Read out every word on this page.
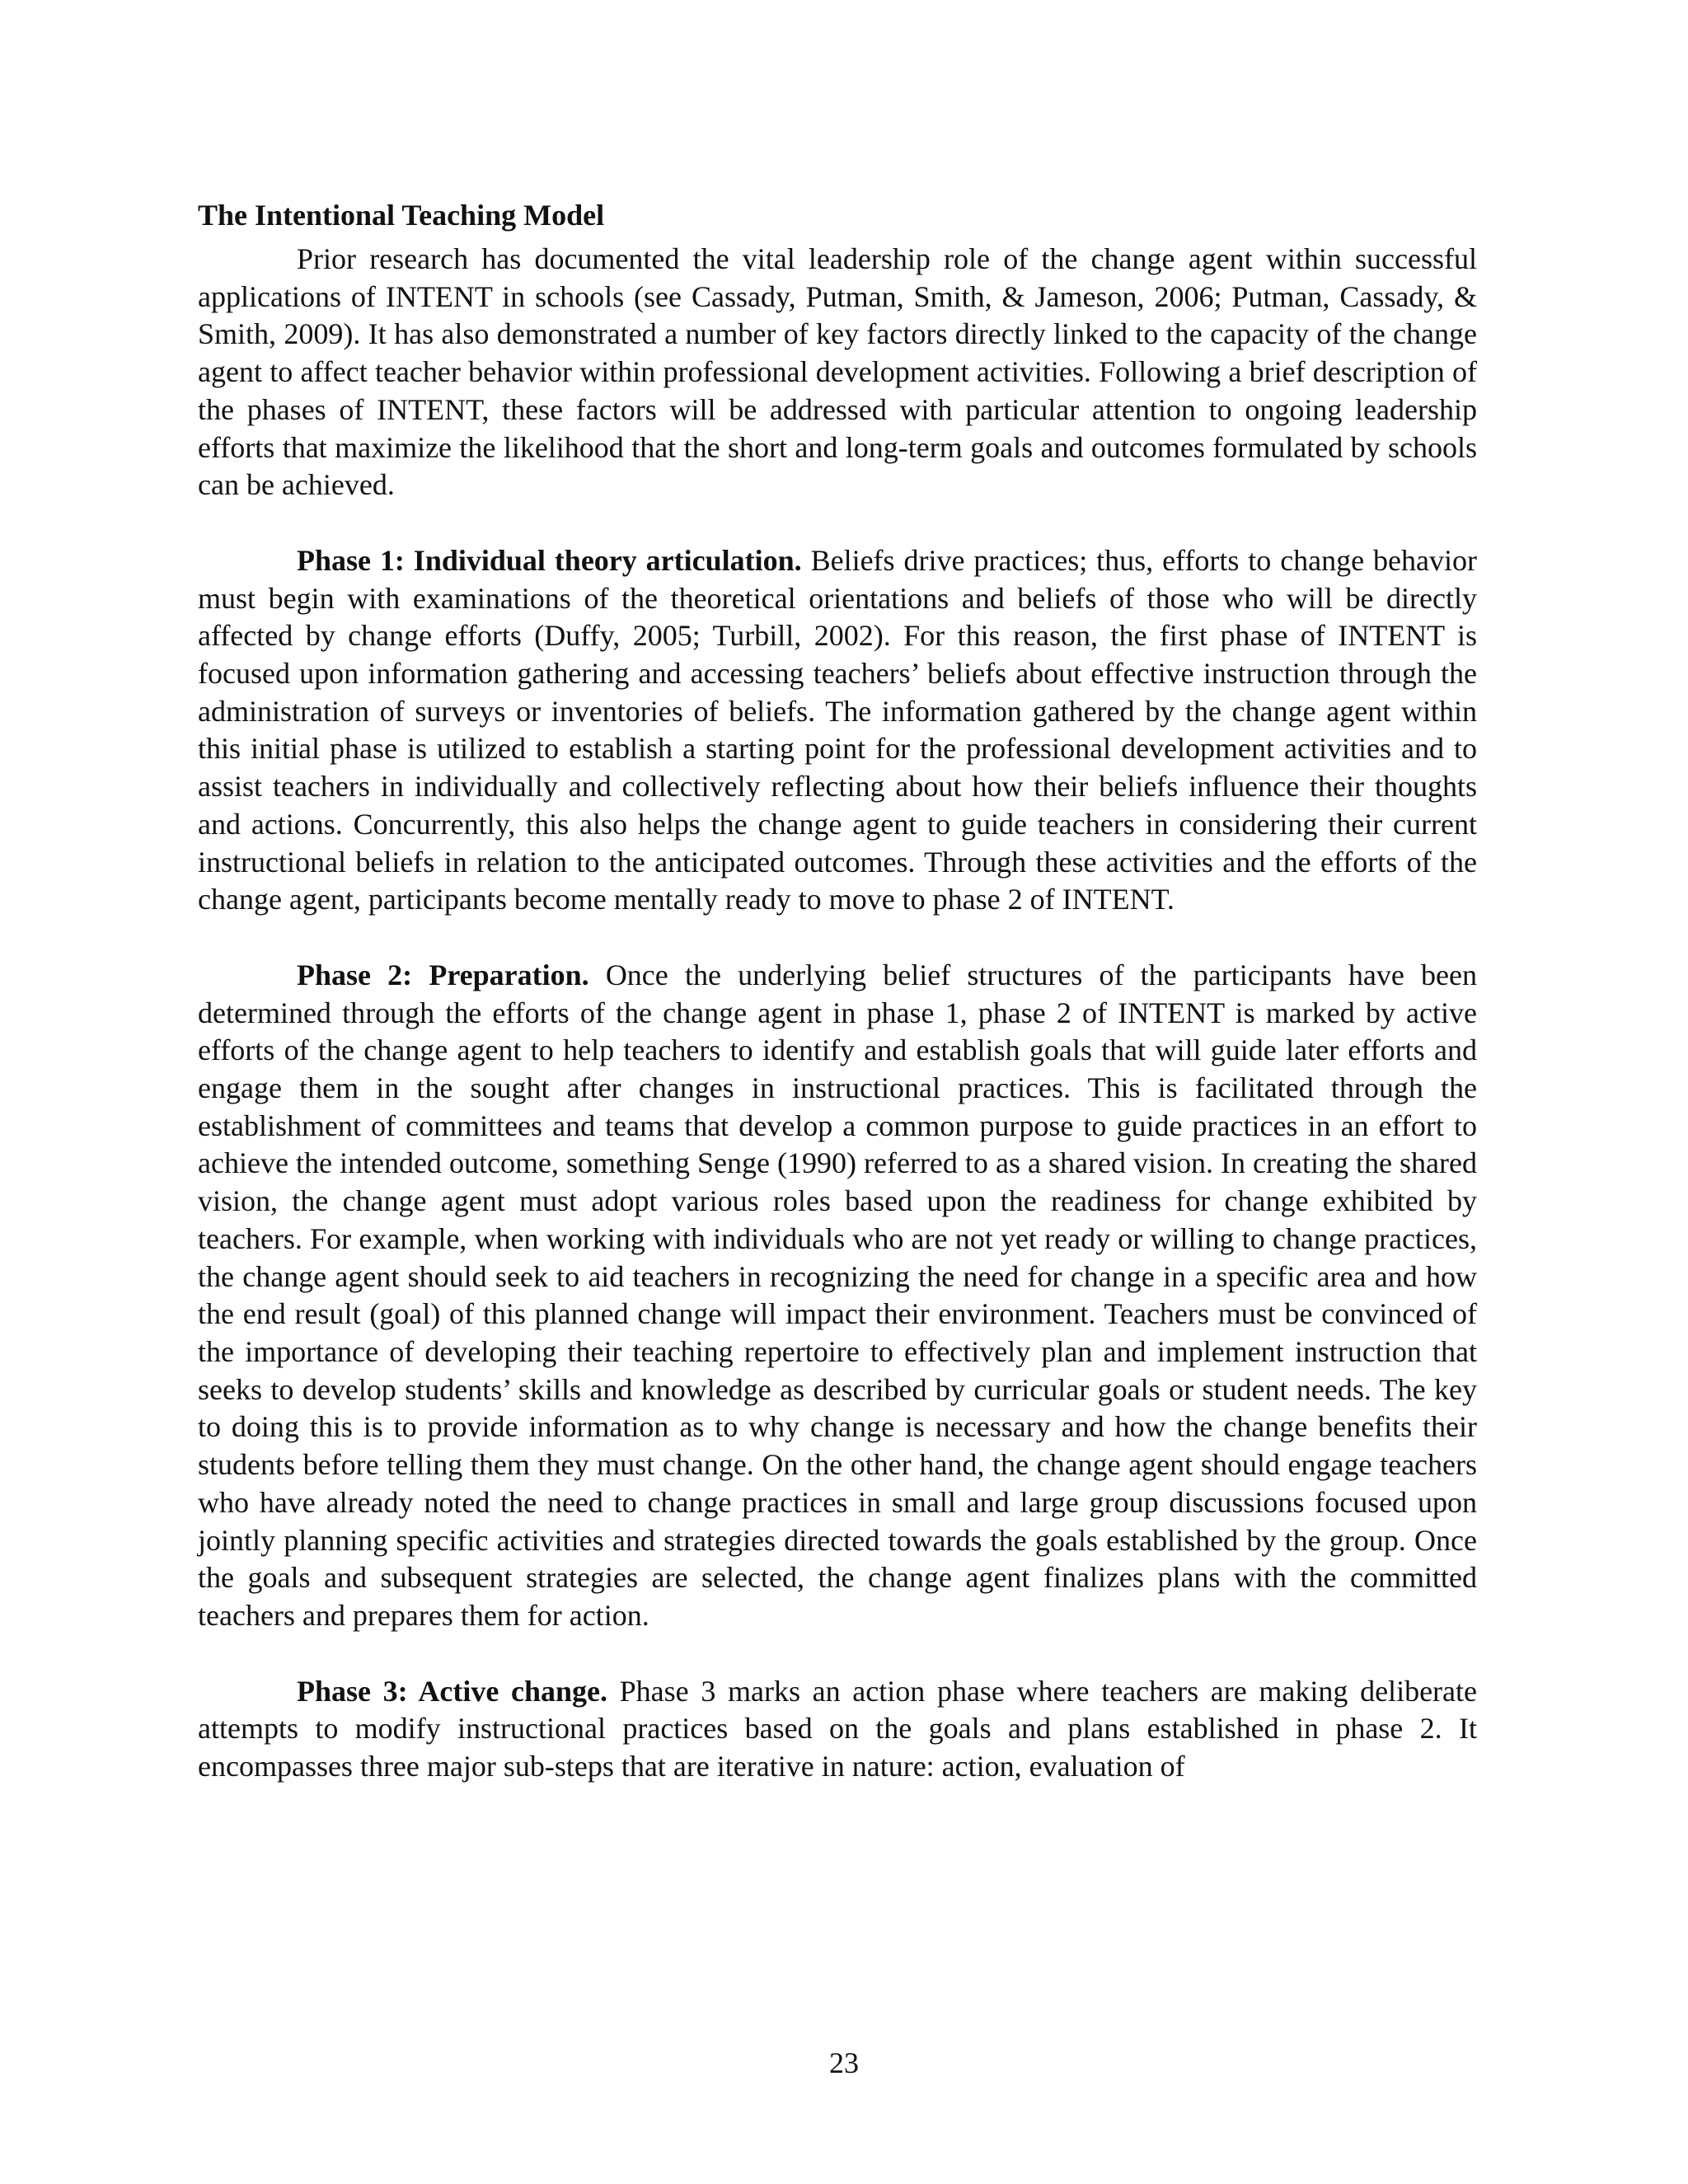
The Intentional Teaching Model

Prior research has documented the vital leadership role of the change agent within successful applications of INTENT in schools (see Cassady, Putman, Smith, & Jameson, 2006; Putman, Cassady, & Smith, 2009). It has also demonstrated a number of key factors directly linked to the capacity of the change agent to affect teacher behavior within professional development activities. Following a brief description of the phases of INTENT, these factors will be addressed with particular attention to ongoing leadership efforts that maximize the likelihood that the short and long-term goals and outcomes formulated by schools can be achieved.

Phase 1: Individual theory articulation. Beliefs drive practices; thus, efforts to change behavior must begin with examinations of the theoretical orientations and beliefs of those who will be directly affected by change efforts (Duffy, 2005; Turbill, 2002). For this reason, the first phase of INTENT is focused upon information gathering and accessing teachers’ beliefs about effective instruction through the administration of surveys or inventories of beliefs. The information gathered by the change agent within this initial phase is utilized to establish a starting point for the professional development activities and to assist teachers in individually and collectively reflecting about how their beliefs influence their thoughts and actions. Concurrently, this also helps the change agent to guide teachers in considering their current instructional beliefs in relation to the anticipated outcomes. Through these activities and the efforts of the change agent, participants become mentally ready to move to phase 2 of INTENT.

Phase 2: Preparation. Once the underlying belief structures of the participants have been determined through the efforts of the change agent in phase 1, phase 2 of INTENT is marked by active efforts of the change agent to help teachers to identify and establish goals that will guide later efforts and engage them in the sought after changes in instructional practices. This is facilitated through the establishment of committees and teams that develop a common purpose to guide practices in an effort to achieve the intended outcome, something Senge (1990) referred to as a shared vision. In creating the shared vision, the change agent must adopt various roles based upon the readiness for change exhibited by teachers. For example, when working with individuals who are not yet ready or willing to change practices, the change agent should seek to aid teachers in recognizing the need for change in a specific area and how the end result (goal) of this planned change will impact their environment. Teachers must be convinced of the importance of developing their teaching repertoire to effectively plan and implement instruction that seeks to develop students’ skills and knowledge as described by curricular goals or student needs. The key to doing this is to provide information as to why change is necessary and how the change benefits their students before telling them they must change. On the other hand, the change agent should engage teachers who have already noted the need to change practices in small and large group discussions focused upon jointly planning specific activities and strategies directed towards the goals established by the group. Once the goals and subsequent strategies are selected, the change agent finalizes plans with the committed teachers and prepares them for action.

Phase 3: Active change. Phase 3 marks an action phase where teachers are making deliberate attempts to modify instructional practices based on the goals and plans established in phase 2. It encompasses three major sub-steps that are iterative in nature: action, evaluation of

23
